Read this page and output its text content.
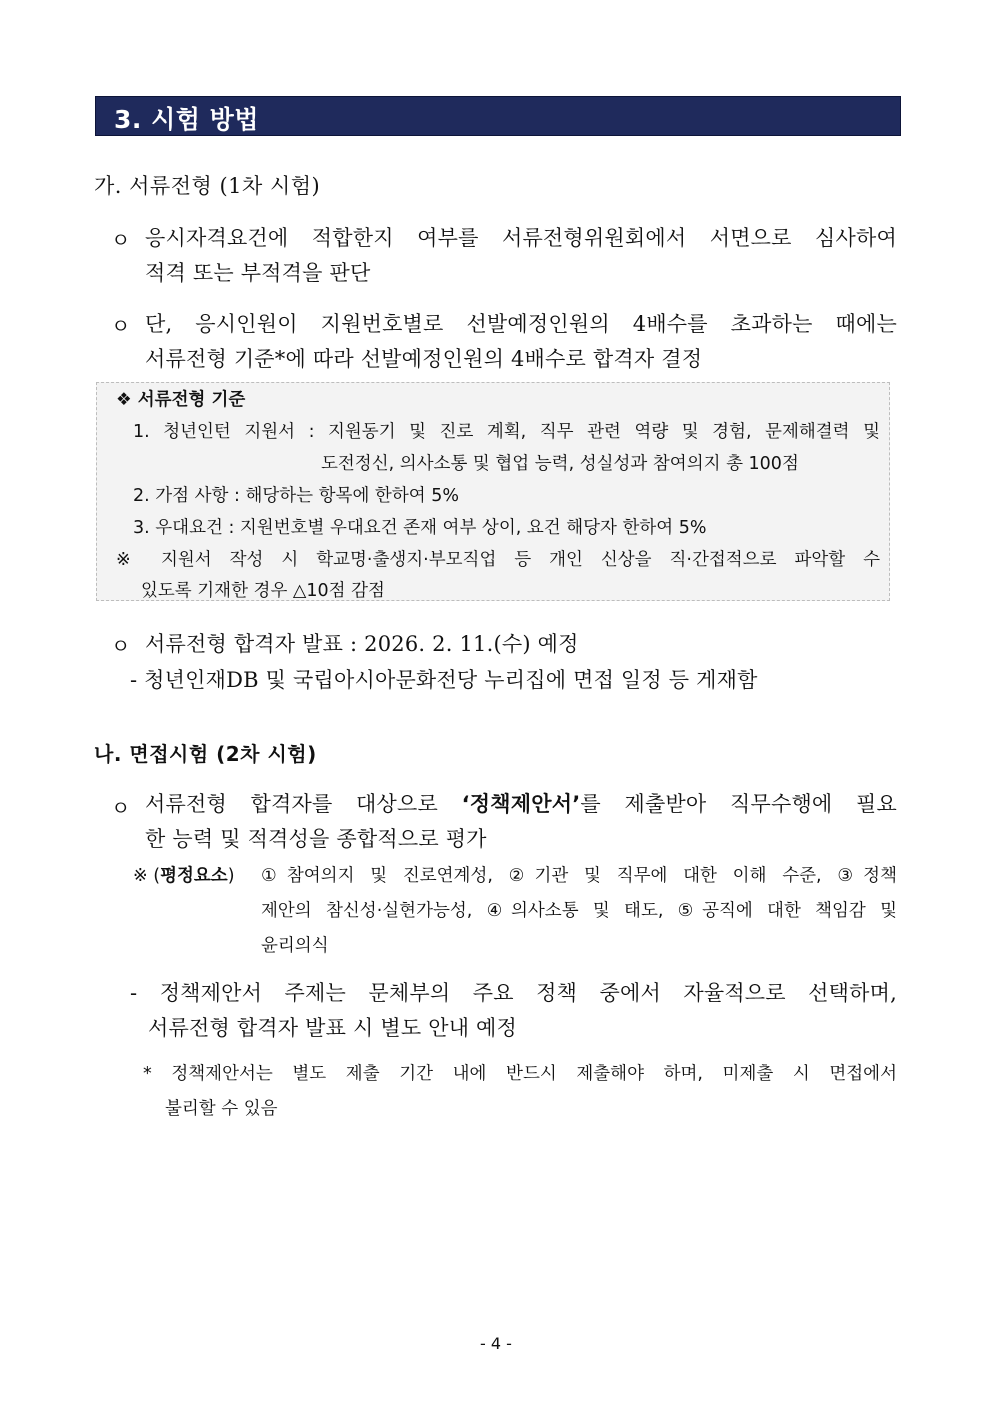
3. 시험 방법
가. 서류전형 (1차 시험)
ㅇ 응시자격요건에 적합한지 여부를 서류전형위원회에서 서면으로 심사하여
적격 또는 부적격을 판단
ㅇ 단, 응시인원이 지원번호별로 선발예정인원의 4배수를 초과하는 때에는
서류전형 기준*에 따라 선발예정인원의 4배수로 합격자 결정
❖ 서류전형 기준
1. 청년인턴 지원서 : 지원동기 및 진로 계획, 직무 관련 역량 및 경험, 문제해결력 및
도전정신, 의사소통 및 협업 능력, 성실성과 참여의지 총 100점
2. 가점 사항 : 해당하는 항목에 한하여 5%
3. 우대요건 : 지원번호별 우대요건 존재 여부 상이, 요건 해당자 한하여 5%
※ 지원서 작성 시 학교명·출생지·부모직업 등 개인 신상을 직·간접적으로 파악할 수
있도록 기재한 경우 △10점 감점
ㅇ 서류전형 합격자 발표 : 2026. 2. 11.(수) 예정
- 청년인재DB 및 국립아시아문화전당 누리집에 면접 일정 등 게재함
나. 면접시험 (2차 시험)
ㅇ 서류전형 합격자를 대상으로 ‘정책제안서’를 제출받아 직무수행에 필요
한 능력 및 적격성을 종합적으로 평가
※ (평정요소) ①참여의지 및 진로연계성, ②기관 및 직무에 대한 이해 수준, ③정책
제안의 참신성·실현가능성, ④의사소통 및 태도, ⑤공직에 대한 책임감 및
윤리의식
- 정책제안서 주제는 문체부의 주요 정책 중에서 자율적으로 선택하며,
서류전형 합격자 발표 시 별도 안내 예정
* 정책제안서는 별도 제출 기간 내에 반드시 제출해야 하며, 미제출 시 면접에서
불리할 수 있음
- 4 -
